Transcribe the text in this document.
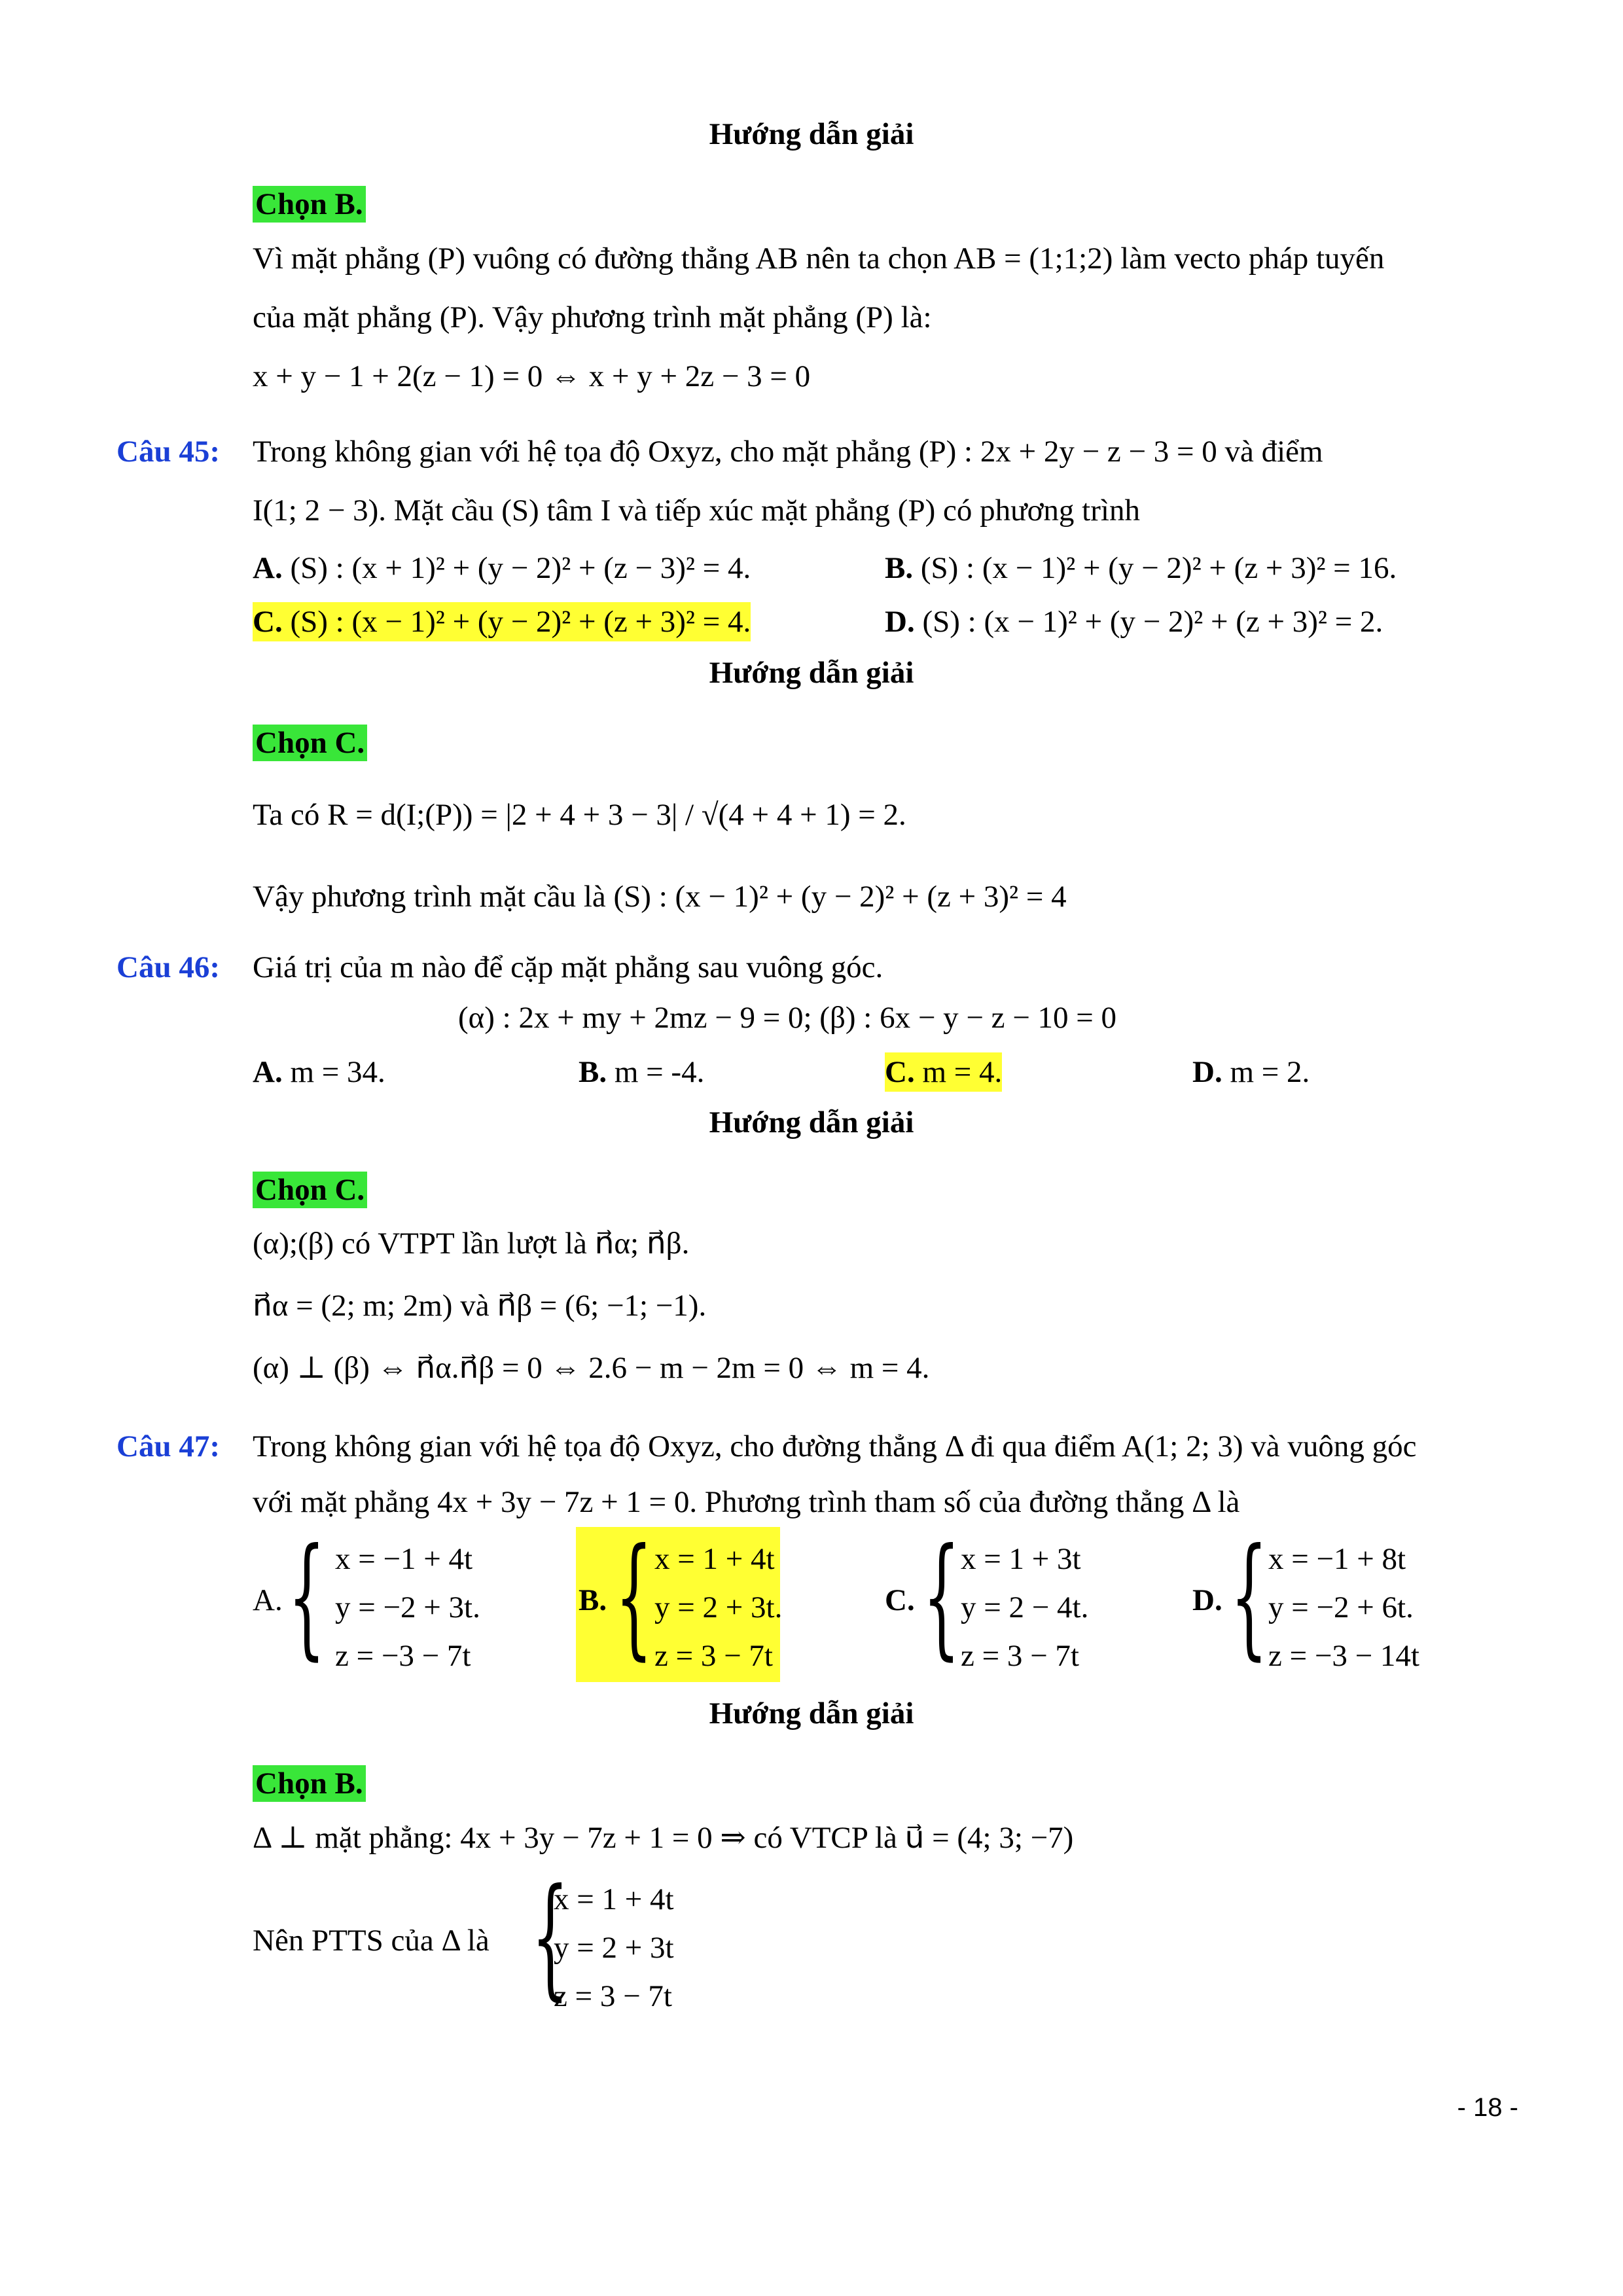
Hướng dẫn giải
Chọn B.
Vì mặt phẳng (P) vuông có đường thẳng AB nên ta chọn AB = (1;1;2) làm vecto pháp tuyến
của mặt phẳng (P). Vậy phương trình mặt phẳng (P) là:
x + y − 1 + 2(z − 1) = 0 ⇔ x + y + 2z − 3 = 0
Câu 45: Trong không gian với hệ tọa độ Oxyz, cho mặt phẳng (P) : 2x + 2y − z − 3 = 0 và điểm
I(1; 2 − 3). Mặt cầu (S) tâm I và tiếp xúc mặt phẳng (P) có phương trình
A. (S) : (x + 1)² + (y − 2)² + (z − 3)² = 4.	B. (S) : (x − 1)² + (y − 2)² + (z + 3)² = 16.
C. (S) : (x − 1)² + (y − 2)² + (z + 3)² = 4.	D. (S) : (x − 1)² + (y − 2)² + (z + 3)² = 2.
Hướng dẫn giải
Chọn C.
Ta có R = d(I;(P)) = |2 + 4 + 3 − 3| / √(4 + 4 + 1) = 2.
Vậy phương trình mặt cầu là (S) : (x − 1)² + (y − 2)² + (z + 3)² = 4
Câu 46: Giá trị của m nào để cặp mặt phẳng sau vuông góc.
(α) : 2x + my + 2mz − 9 = 0; (β) : 6x − y − z − 10 = 0
A. m = 34.	B. m = -4.	C. m = 4.	D. m = 2.
Hướng dẫn giải
Chọn C.
(α);(β) có VTPT lần lượt là n⃗α; n⃗β.
n⃗α = (2; m; 2m) và n⃗β = (6; −1; −1).
(α) ⊥ (β) ⇔ n⃗α.n⃗β = 0 ⇔ 2.6 − m − 2m = 0 ⇔ m = 4.
Câu 47: Trong không gian với hệ tọa độ Oxyz, cho đường thẳng Δ đi qua điểm A(1; 2; 3) và vuông góc
với mặt phẳng 4x + 3y − 7z + 1 = 0. Phương trình tham số của đường thẳng Δ là
A. { x = −1 + 4t
y = −2 + 3t.
z = −3 − 7t
B. { x = 1 + 4t
y = 2 + 3t.
z = 3 − 7t
C. { x = 1 + 3t
y = 2 − 4t.
z = 3 − 7t
D. { x = −1 + 8t
y = −2 + 6t.
z = −3 − 14t
Hướng dẫn giải
Chọn B.
Δ ⊥ mặt phẳng: 4x + 3y − 7z + 1 = 0 ⇒ có VTCP là u⃗ = (4; 3; −7)
Nên PTTS của Δ là {
x = 1 + 4t
y = 2 + 3t
z = 3 − 7t
- 18 -
